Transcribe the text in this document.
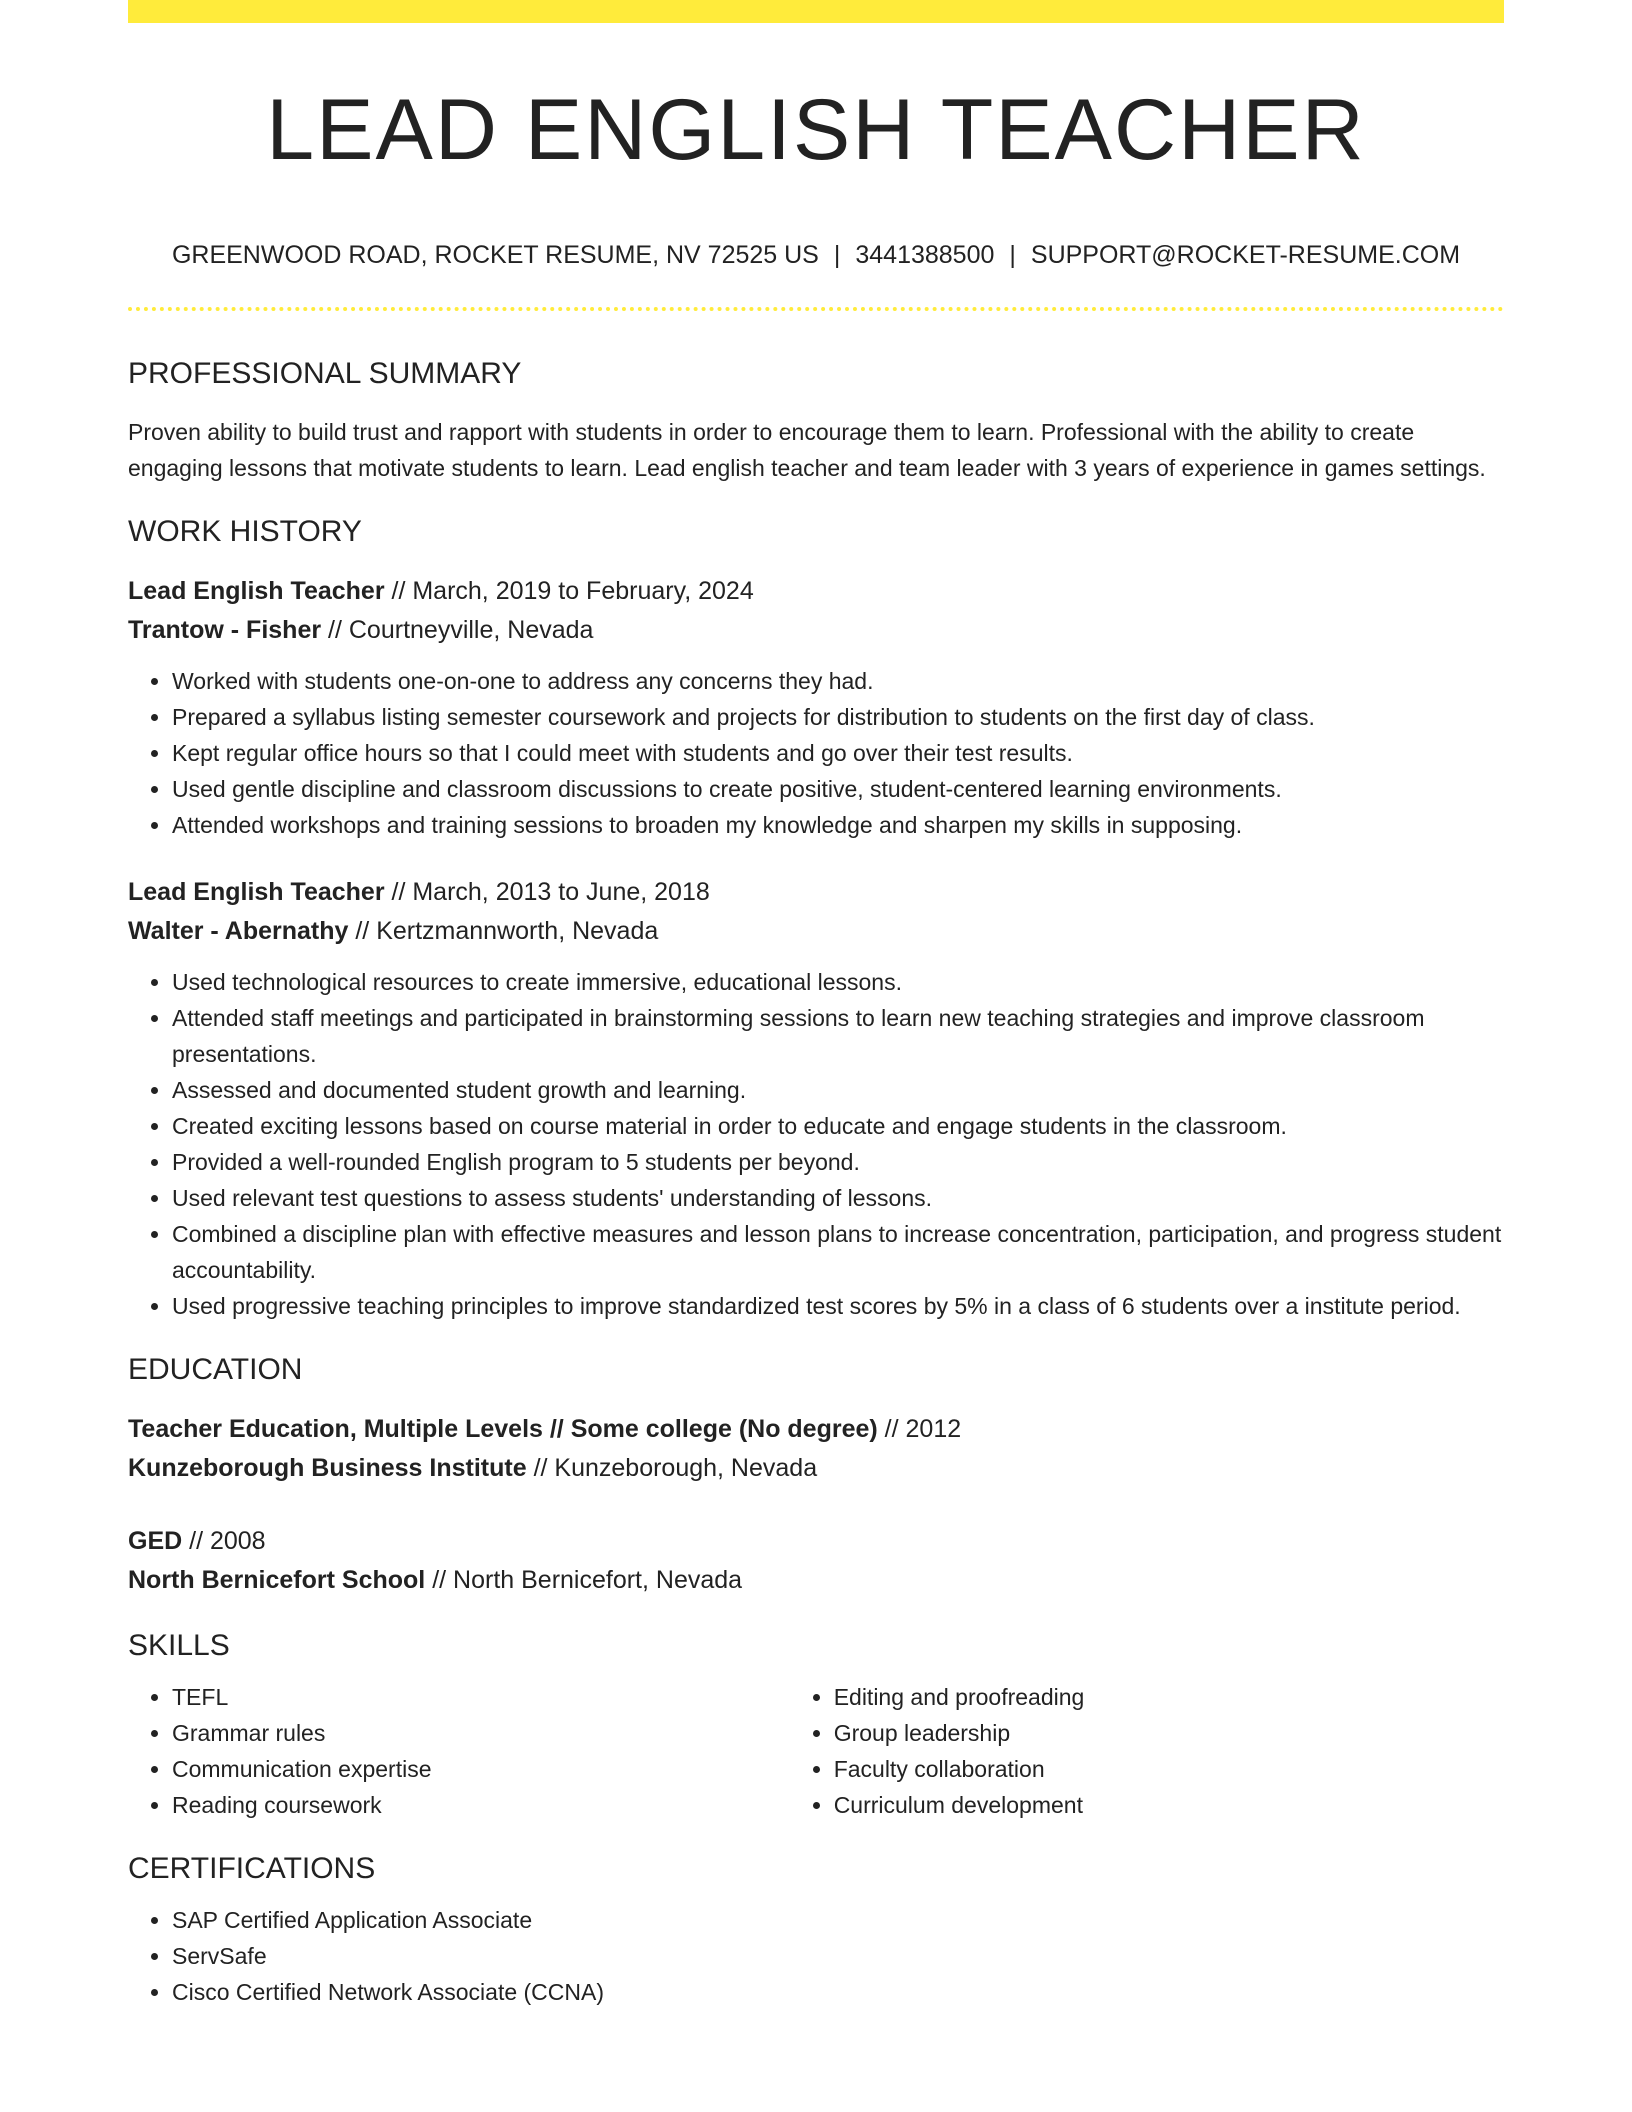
LEAD ENGLISH TEACHER
GREENWOOD ROAD, ROCKET RESUME, NV 72525 US | 3441388500 | SUPPORT@ROCKET-RESUME.COM
PROFESSIONAL SUMMARY

Proven ability to build trust and rapport with students in order to encourage them to learn. Professional with the ability to create engaging lessons that motivate students to learn. Lead english teacher and team leader with 3 years of experience in games settings.

WORK HISTORY
Lead English Teacher // March, 2019 to February, 2024
Trantow - Fisher // Courtneyville, Nevada
• Worked with students one-on-one to address any concerns they had.
• Prepared a syllabus listing semester coursework and projects for distribution to students on the first day of class.
• Kept regular office hours so that I could meet with students and go over their test results.
• Used gentle discipline and classroom discussions to create positive, student-centered learning environments.
• Attended workshops and training sessions to broaden my knowledge and sharpen my skills in supposing.
Lead English Teacher // March, 2013 to June, 2018
Walter - Abernathy // Kertzmannworth, Nevada
• Used technological resources to create immersive, educational lessons.
• Attended staff meetings and participated in brainstorming sessions to learn new teaching strategies and improve classroom presentations.
• Assessed and documented student growth and learning.
• Created exciting lessons based on course material in order to educate and engage students in the classroom.
• Provided a well-rounded English program to 5 students per beyond.
• Used relevant test questions to assess students' understanding of lessons.
• Combined a discipline plan with effective measures and lesson plans to increase concentration, participation, and progress student accountability.
• Used progressive teaching principles to improve standardized test scores by 5% in a class of 6 students over a institute period.
EDUCATION
Teacher Education, Multiple Levels // Some college (No degree) // 2012
Kunzeborough Business Institute // Kunzeborough, Nevada
GED // 2008
North Bernicefort School // North Bernicefort, Nevada
SKILLS
• TEFL
• Grammar rules
• Communication expertise
• Reading coursework
• Editing and proofreading
• Group leadership
• Faculty collaboration
• Curriculum development
CERTIFICATIONS
• SAP Certified Application Associate
• ServSafe
• Cisco Certified Network Associate (CCNA)
